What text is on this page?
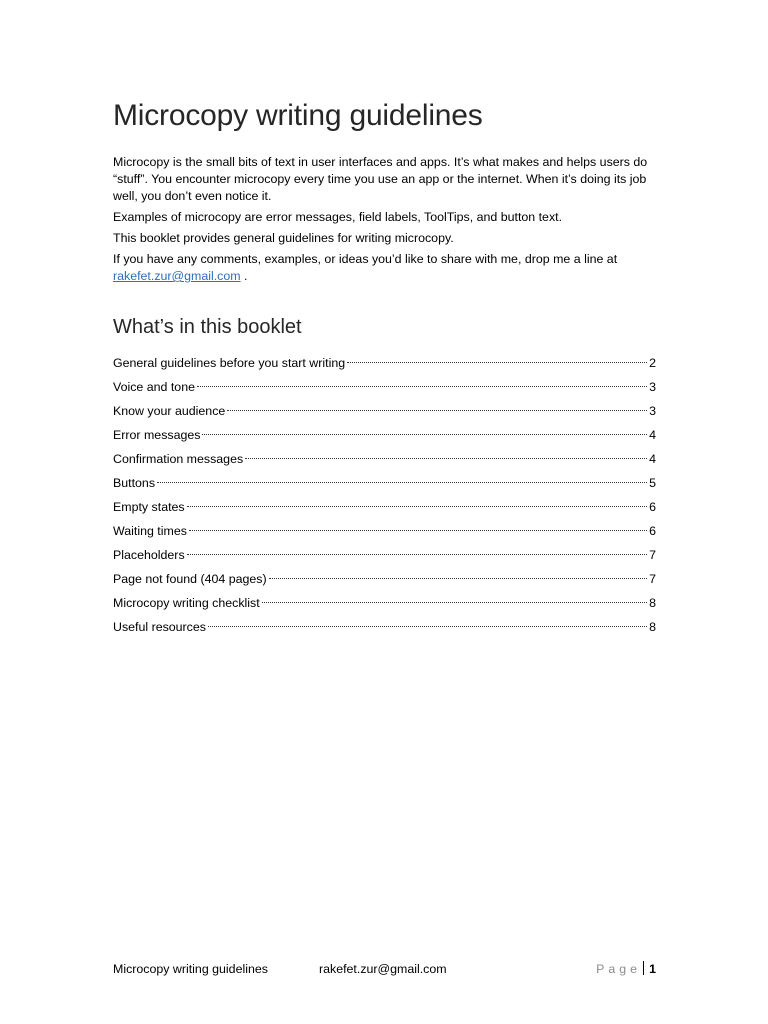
Microcopy writing guidelines

Microcopy is the small bits of text in user interfaces and apps. It’s what makes and helps users do “stuff”. You encounter microcopy every time you use an app or the internet. When it’s doing its job well, you don’t even notice it.

Examples of microcopy are error messages, field labels, ToolTips, and button text.

This booklet provides general guidelines for writing microcopy.

If you have any comments, examples, or ideas you’d like to share with me, drop me a line at rakefet.zur@gmail.com .

What’s in this booklet
General guidelines before you start writing	2
Voice and tone	3
Know your audience	3
Error messages	4
Confirmation messages	4
Buttons	5
Empty states	6
Waiting times	6
Placeholders	7
Page not found (404 pages)	7
Microcopy writing checklist	8
Useful resources	8
Microcopy writing guidelines	rakefet.zur@gmail.com	Page 1
